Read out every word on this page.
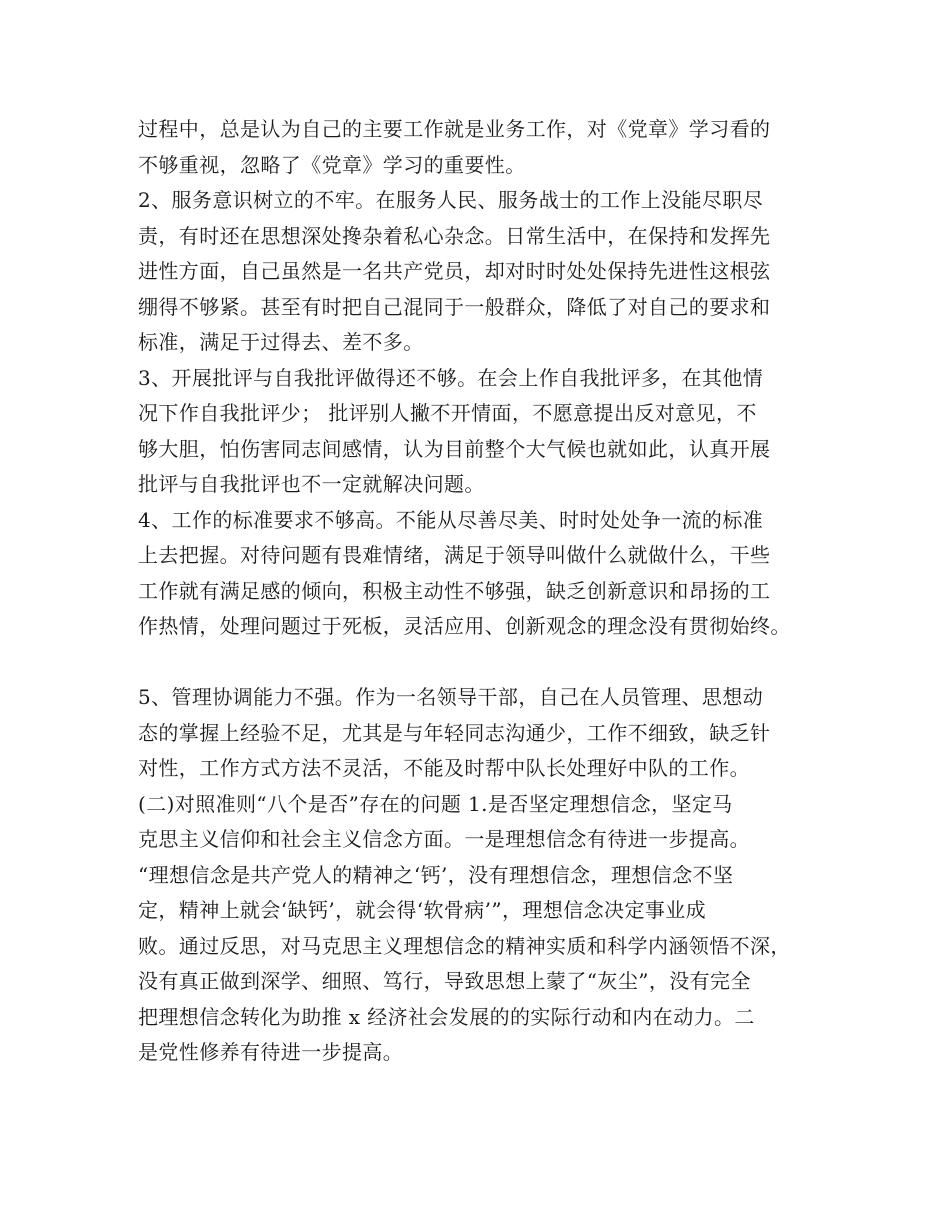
过程中，总是认为自己的主要工作就是业务工作，对《党章》学习看的
不够重视，忽略了《党章》学习的重要性。
2、服务意识树立的不牢。在服务人民、服务战士的工作上没能尽职尽
责，有时还在思想深处搀杂着私心杂念。日常生活中，在保持和发挥先
进性方面，自己虽然是一名共产党员，却对时时处处保持先进性这根弦
绷得不够紧。甚至有时把自己混同于一般群众，降低了对自己的要求和
标准，满足于过得去、差不多。
3、开展批评与自我批评做得还不够。在会上作自我批评多，在其他情
况下作自我批评少； 批评别人撇不开情面，不愿意提出反对意见，不
够大胆，怕伤害同志间感情，认为目前整个大气候也就如此，认真开展
批评与自我批评也不一定就解决问题。
4、工作的标准要求不够高。不能从尽善尽美、时时处处争一流的标准
上去把握。对待问题有畏难情绪，满足于领导叫做什么就做什么，干些
工作就有满足感的倾向，积极主动性不够强，缺乏创新意识和昂扬的工
作热情，处理问题过于死板，灵活应用、创新观念的理念没有贯彻始终。
5、管理协调能力不强。作为一名领导干部，自己在人员管理、思想动
态的掌握上经验不足，尤其是与年轻同志沟通少，工作不细致，缺乏针
对性，工作方式方法不灵活，不能及时帮中队长处理好中队的工作。
(二)对照准则“八个是否”存在的问题 1.是否坚定理想信念，坚定马
克思主义信仰和社会主义信念方面。一是理想信念有待进一步提高。
“理想信念是共产党人的精神之‘钙’，没有理想信念，理想信念不坚
定，精神上就会‘缺钙’，就会得‘软骨病’”，理想信念决定事业成
败。通过反思，对马克思主义理想信念的精神实质和科学内涵领悟不深，
没有真正做到深学、细照、笃行，导致思想上蒙了“灰尘”，没有完全
把理想信念转化为助推 x 经济社会发展的的实际行动和内在动力。二
是党性修养有待进一步提高。
